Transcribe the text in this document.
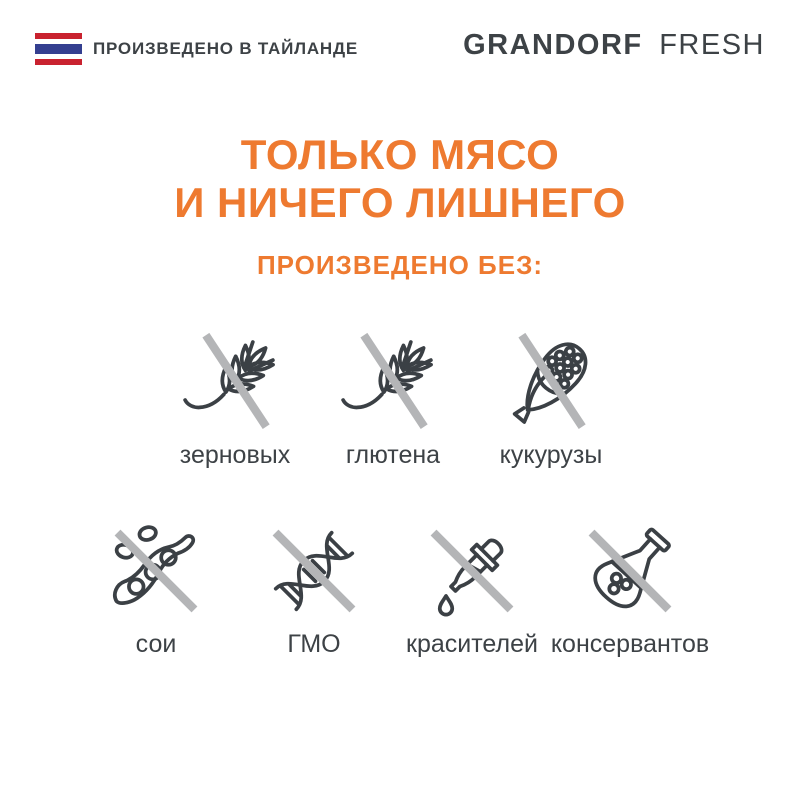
ПРОИЗВЕДЕНО В ТАЙЛАНДЕ	GRANDORF FRESH
ТОЛЬКО МЯСО
И НИЧЕГО ЛИШНЕГО
ПРОИЗВЕДЕНО БЕЗ:
зерновых глютена кукурузы
сои	ГМО	красителей консервантов
